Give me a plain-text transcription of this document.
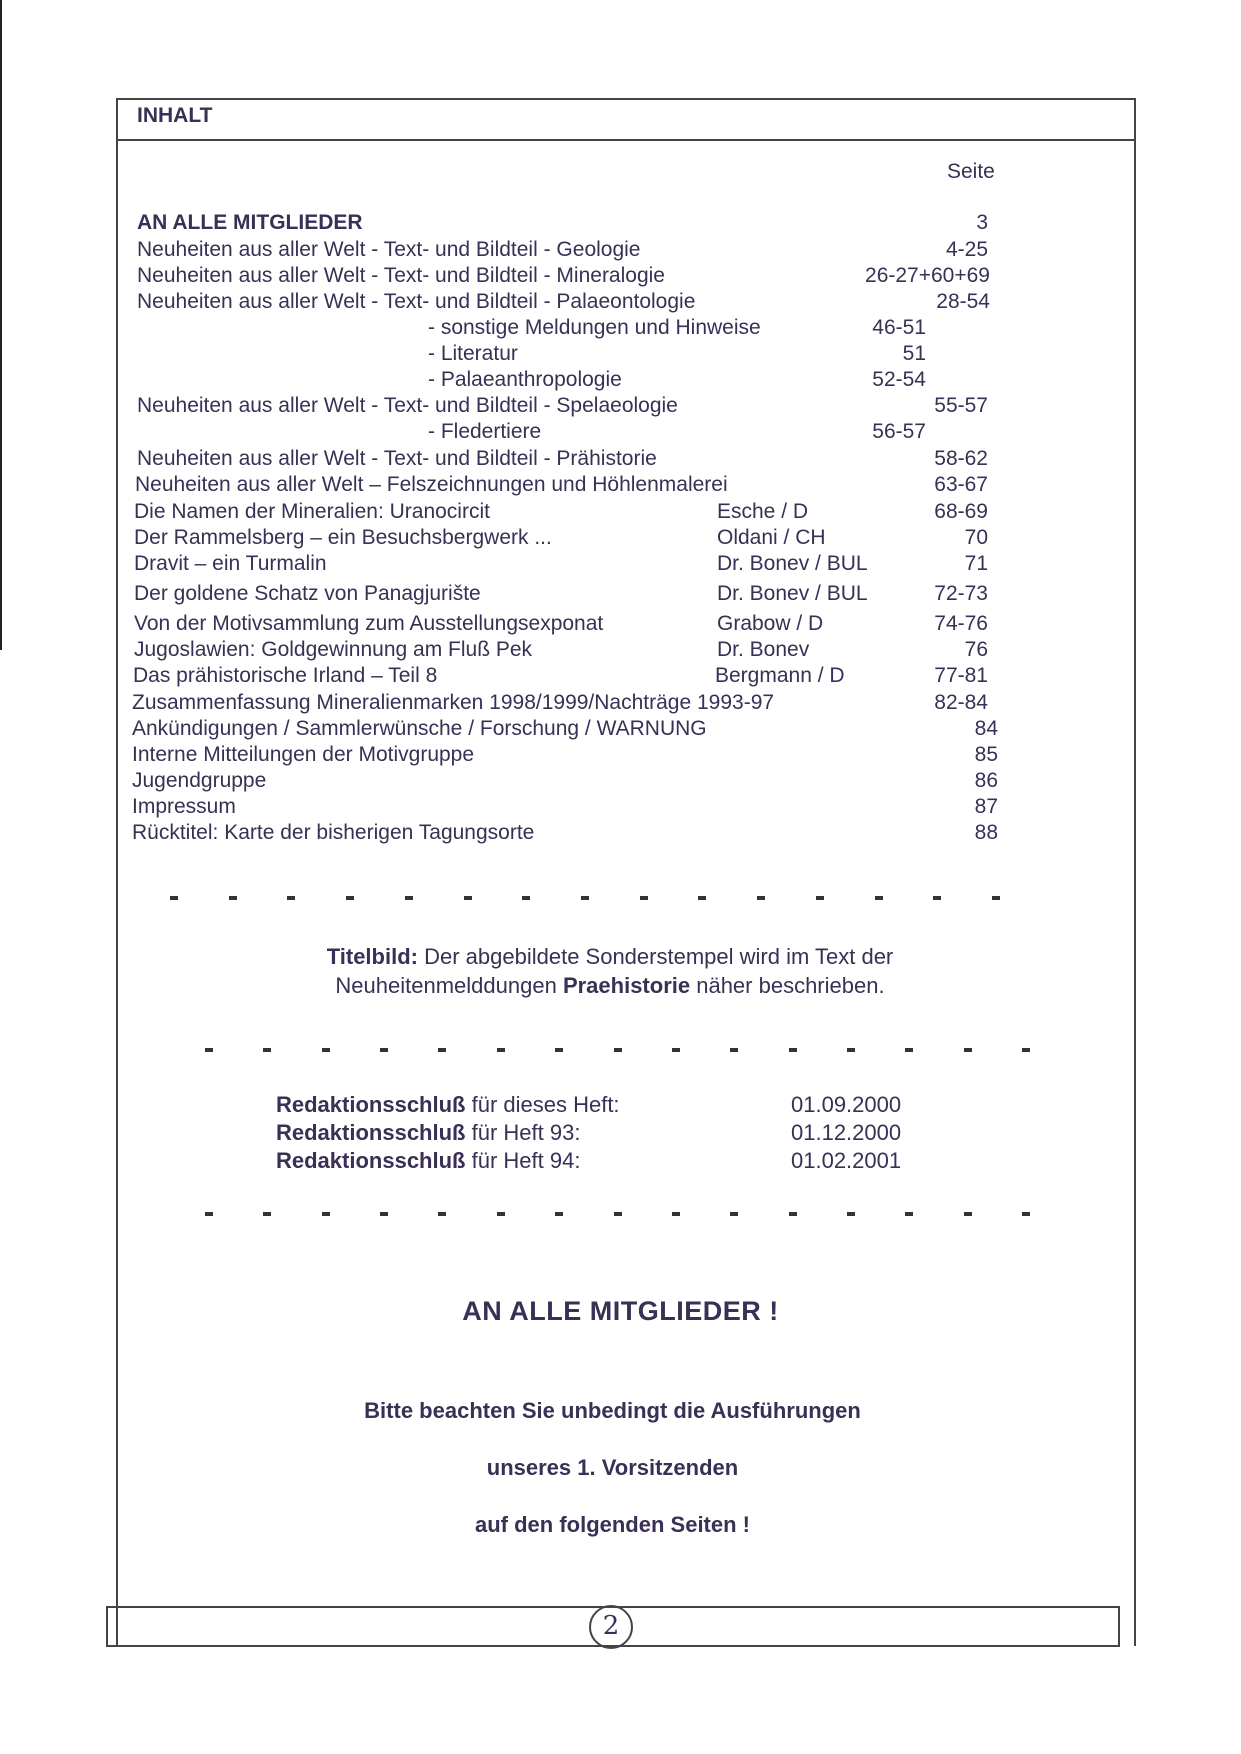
INHALT
Seite
AN ALLE MITGLIEDER	3
Neuheiten aus aller Welt - Text- und Bildteil - Geologie	4-25
Neuheiten aus aller Welt - Text- und Bildteil - Mineralogie	26-27+60+69
Neuheiten aus aller Welt - Text- und Bildteil - Palaeontologie	28-54
- sonstige Meldungen und Hinweise	46-51
- Literatur	51
- Palaeanthropologie	52-54
Neuheiten aus aller Welt - Text- und Bildteil - Spelaeologie	55-57
- Fledertiere	56-57
Neuheiten aus aller Welt - Text- und Bildteil - Prähistorie	58-62
Neuheiten aus aller Welt – Felszeichnungen und Höhlenmalerei	63-67
Die Namen der Mineralien: Uranocircit	Esche / D	68-69
Der Rammelsberg – ein Besuchsbergwerk ...	Oldani / CH	70
Dravit – ein Turmalin	Dr. Bonev / BUL	71
Der goldene Schatz von Panagjurište	Dr. Bonev / BUL	72-73
Von der Motivsammlung zum Ausstellungsexponat	Grabow / D	74-76
Jugoslawien: Goldgewinnung am Fluß Pek	Dr. Bonev	76
Das prähistorische Irland – Teil 8	Bergmann / D	77-81
Zusammenfassung Mineralienmarken 1998/1999/Nachträge 1993-97	82-84
Ankündigungen / Sammlerwünsche / Forschung / WARNUNG	84
Interne Mitteilungen der Motivgruppe	85
Jugendgruppe	86
Impressum	87
Rücktitel: Karte der bisherigen Tagungsorte	88
Titelbild: Der abgebildete Sonderstempel wird im Text der
Neuheitenmelddungen Praehistorie näher beschrieben.
Redaktionsschluß für dieses Heft:	01.09.2000
Redaktionsschluß für Heft 93:	01.12.2000
Redaktionsschluß für Heft 94:	01.02.2001
AN ALLE MITGLIEDER !
Bitte beachten Sie unbedingt die Ausführungen
unseres 1. Vorsitzenden
auf den folgenden Seiten !
2
